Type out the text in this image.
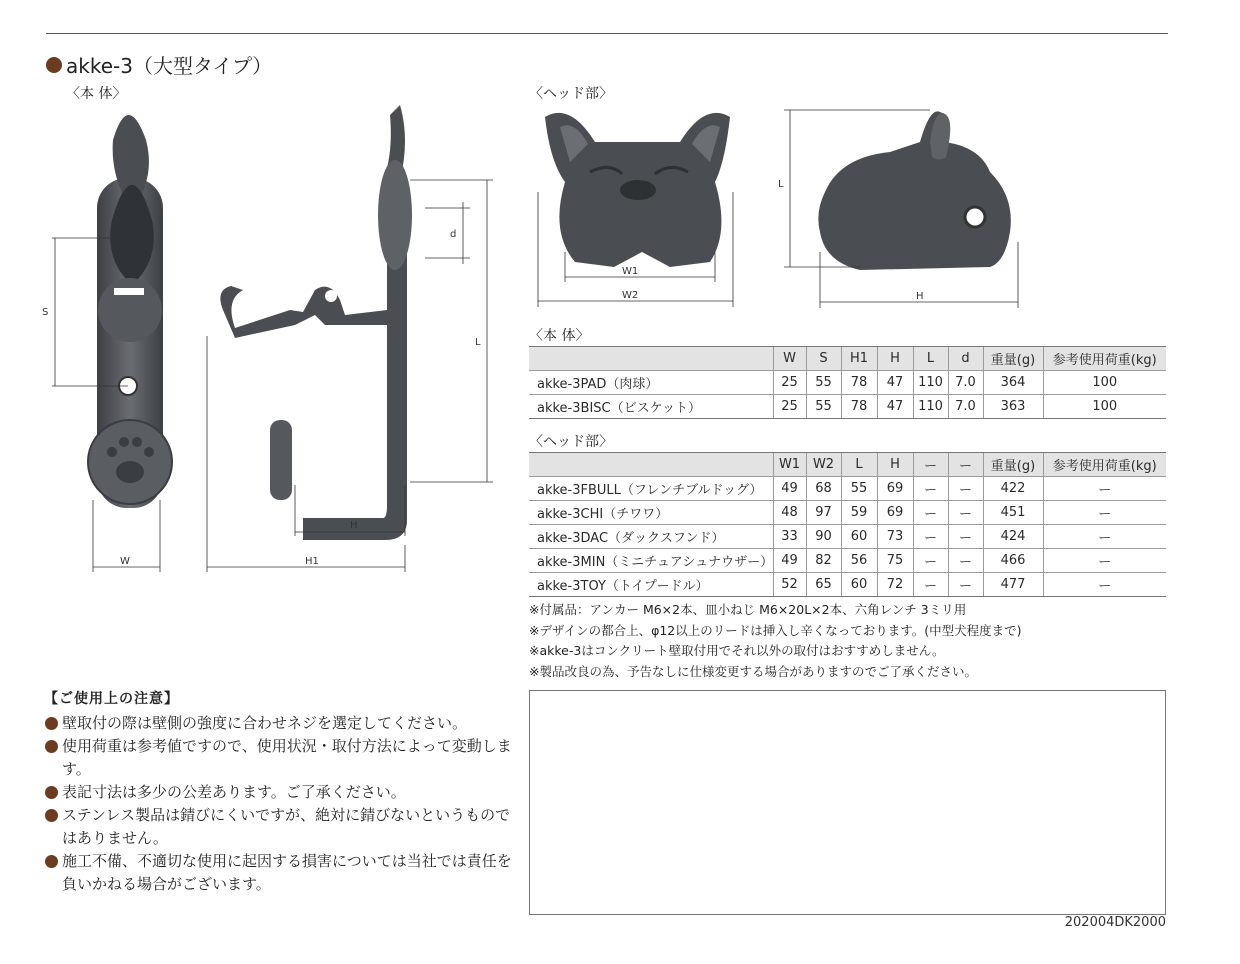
akke-3（大型タイプ）
〈本 体〉	〈ヘッド部〉
S
W
d
L
H
H1
W1
W2
L
H
〈本 体〉
	W	S	H1	H	L	d	重量(g)	参考使用荷重(kg)
akke-3PAD（肉球）	25	55	78	47	110	7.0	364	100
akke-3BISC（ビスケット）	25	55	78	47	110	7.0	363	100
〈ヘッド部〉
	W1	W2	L	H	ー	ー	重量(g)	参考使用荷重(kg)
akke-3FBULL（フレンチブルドッグ）	49	68	55	69	ー	ー	422	ー
akke-3CHI（チワワ）	48	97	59	69	ー	ー	451	ー
akke-3DAC（ダックスフンド）	33	90	60	73	ー	ー	424	ー
akke-3MIN（ミニチュアシュナウザー）	49	82	56	75	ー	ー	466	ー
akke-3TOY（トイプードル）	52	65	60	72	ー	ー	477	ー
※付属品：アンカー M6×2本、皿小ねじ M6×20L×2本、六角レンチ 3ミリ用
※デザインの都合上、φ12以上のリードは挿入し辛くなっております。(中型犬程度まで)
※akke-3はコンクリート壁取付用でそれ以外の取付はおすすめしません。
※製品改良の為、予告なしに仕様変更する場合がありますのでご了承ください。
【ご使用上の注意】
壁取付の際は壁側の強度に合わせネジを選定してください。
使用荷重は参考値ですので、使用状況・取付方法によって変動します。
表記寸法は多少の公差あります。ご了承ください。
ステンレス製品は錆びにくいですが、絶対に錆びないというものではありません。
施工不備、不適切な使用に起因する損害については当社では責任を負いかねる場合がございます。
202004DK2000
